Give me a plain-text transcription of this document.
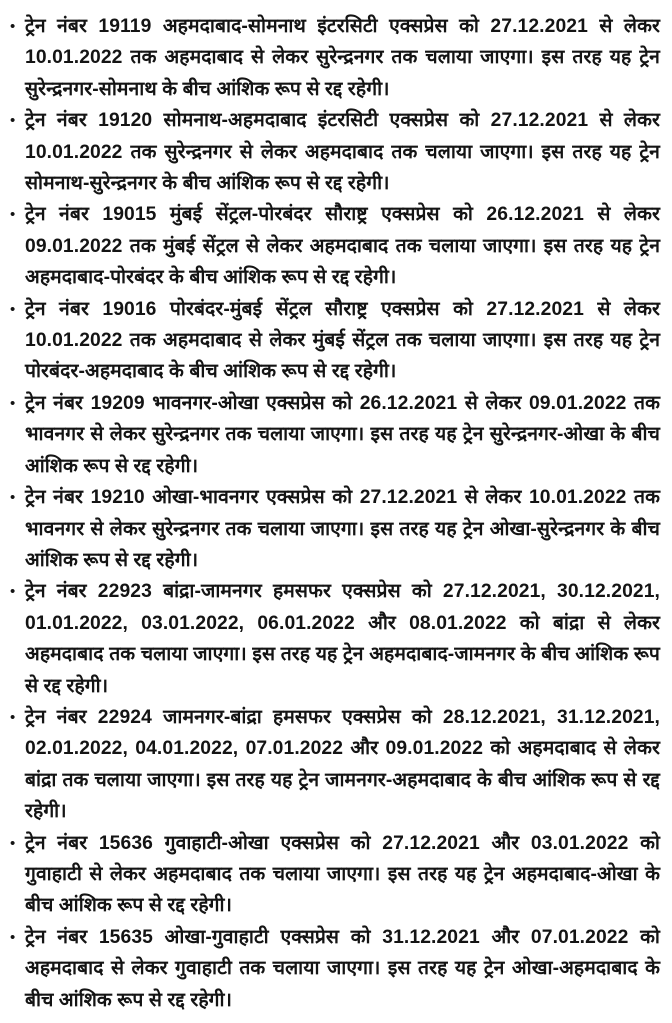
• ट्रेन नंबर 19119 अहमदाबाद-सोमनाथ इंटरसिटी एक्सप्रेस को 27.12.2021 से लेकर 10.01.2022 तक अहमदाबाद से लेकर सुरेन्द्रनगर तक चलाया जाएगा। इस तरह यह ट्रेन सुरेन्द्रनगर-सोमनाथ के बीच आंशिक रूप से रद्द रहेगी।

• ट्रेन नंबर 19120 सोमनाथ-अहमदाबाद इंटरसिटी एक्सप्रेस को 27.12.2021 से लेकर 10.01.2022 तक सुरेन्द्रनगर से लेकर अहमदाबाद तक चलाया जाएगा। इस तरह यह ट्रेन सोमनाथ-सुरेन्द्रनगर के बीच आंशिक रूप से रद्द रहेगी।

• ट्रेन नंबर 19015 मुंबई सेंट्रल-पोरबंदर सौराष्ट्र एक्सप्रेस को 26.12.2021 से लेकर 09.01.2022 तक मुंबई सेंट्रल से लेकर अहमदाबाद तक चलाया जाएगा। इस तरह यह ट्रेन अहमदाबाद-पोरबंदर के बीच आंशिक रूप से रद्द रहेगी।

• ट्रेन नंबर 19016 पोरबंदर-मुंबई सेंट्रल सौराष्ट्र एक्सप्रेस को 27.12.2021 से लेकर 10.01.2022 तक अहमदाबाद से लेकर मुंबई सेंट्रल तक चलाया जाएगा। इस तरह यह ट्रेन पोरबंदर-अहमदाबाद के बीच आंशिक रूप से रद्द रहेगी।

• ट्रेन नंबर 19209 भावनगर-ओखा एक्सप्रेस को 26.12.2021 से लेकर 09.01.2022 तक भावनगर से लेकर सुरेन्द्रनगर तक चलाया जाएगा। इस तरह यह ट्रेन सुरेन्द्रनगर-ओखा के बीच आंशिक रूप से रद्द रहेगी।

• ट्रेन नंबर 19210 ओखा-भावनगर एक्सप्रेस को 27.12.2021 से लेकर 10.01.2022 तक भावनगर से लेकर सुरेन्द्रनगर तक चलाया जाएगा। इस तरह यह ट्रेन ओखा-सुरेन्द्रनगर के बीच आंशिक रूप से रद्द रहेगी।

• ट्रेन नंबर 22923 बांद्रा-जामनगर हमसफर एक्सप्रेस को 27.12.2021, 30.12.2021, 01.01.2022, 03.01.2022, 06.01.2022 और 08.01.2022 को बांद्रा से लेकर अहमदाबाद तक चलाया जाएगा। इस तरह यह ट्रेन अहमदाबाद-जामनगर के बीच आंशिक रूप से रद्द रहेगी।

• ट्रेन नंबर 22924 जामनगर-बांद्रा हमसफर एक्सप्रेस को 28.12.2021, 31.12.2021, 02.01.2022, 04.01.2022, 07.01.2022 और 09.01.2022 को अहमदाबाद से लेकर बांद्रा तक चलाया जाएगा। इस तरह यह ट्रेन जामनगर-अहमदाबाद के बीच आंशिक रूप से रद्द रहेगी।

• ट्रेन नंबर 15636 गुवाहाटी-ओखा एक्सप्रेस को 27.12.2021 और 03.01.2022 को गुवाहाटी से लेकर अहमदाबाद तक चलाया जाएगा। इस तरह यह ट्रेन अहमदाबाद-ओखा के बीच आंशिक रूप से रद्द रहेगी।

• ट्रेन नंबर 15635 ओखा-गुवाहाटी एक्सप्रेस को 31.12.2021 और 07.01.2022 को अहमदाबाद से लेकर गुवाहाटी तक चलाया जाएगा। इस तरह यह ट्रेन ओखा-अहमदाबाद के बीच आंशिक रूप से रद्द रहेगी।
